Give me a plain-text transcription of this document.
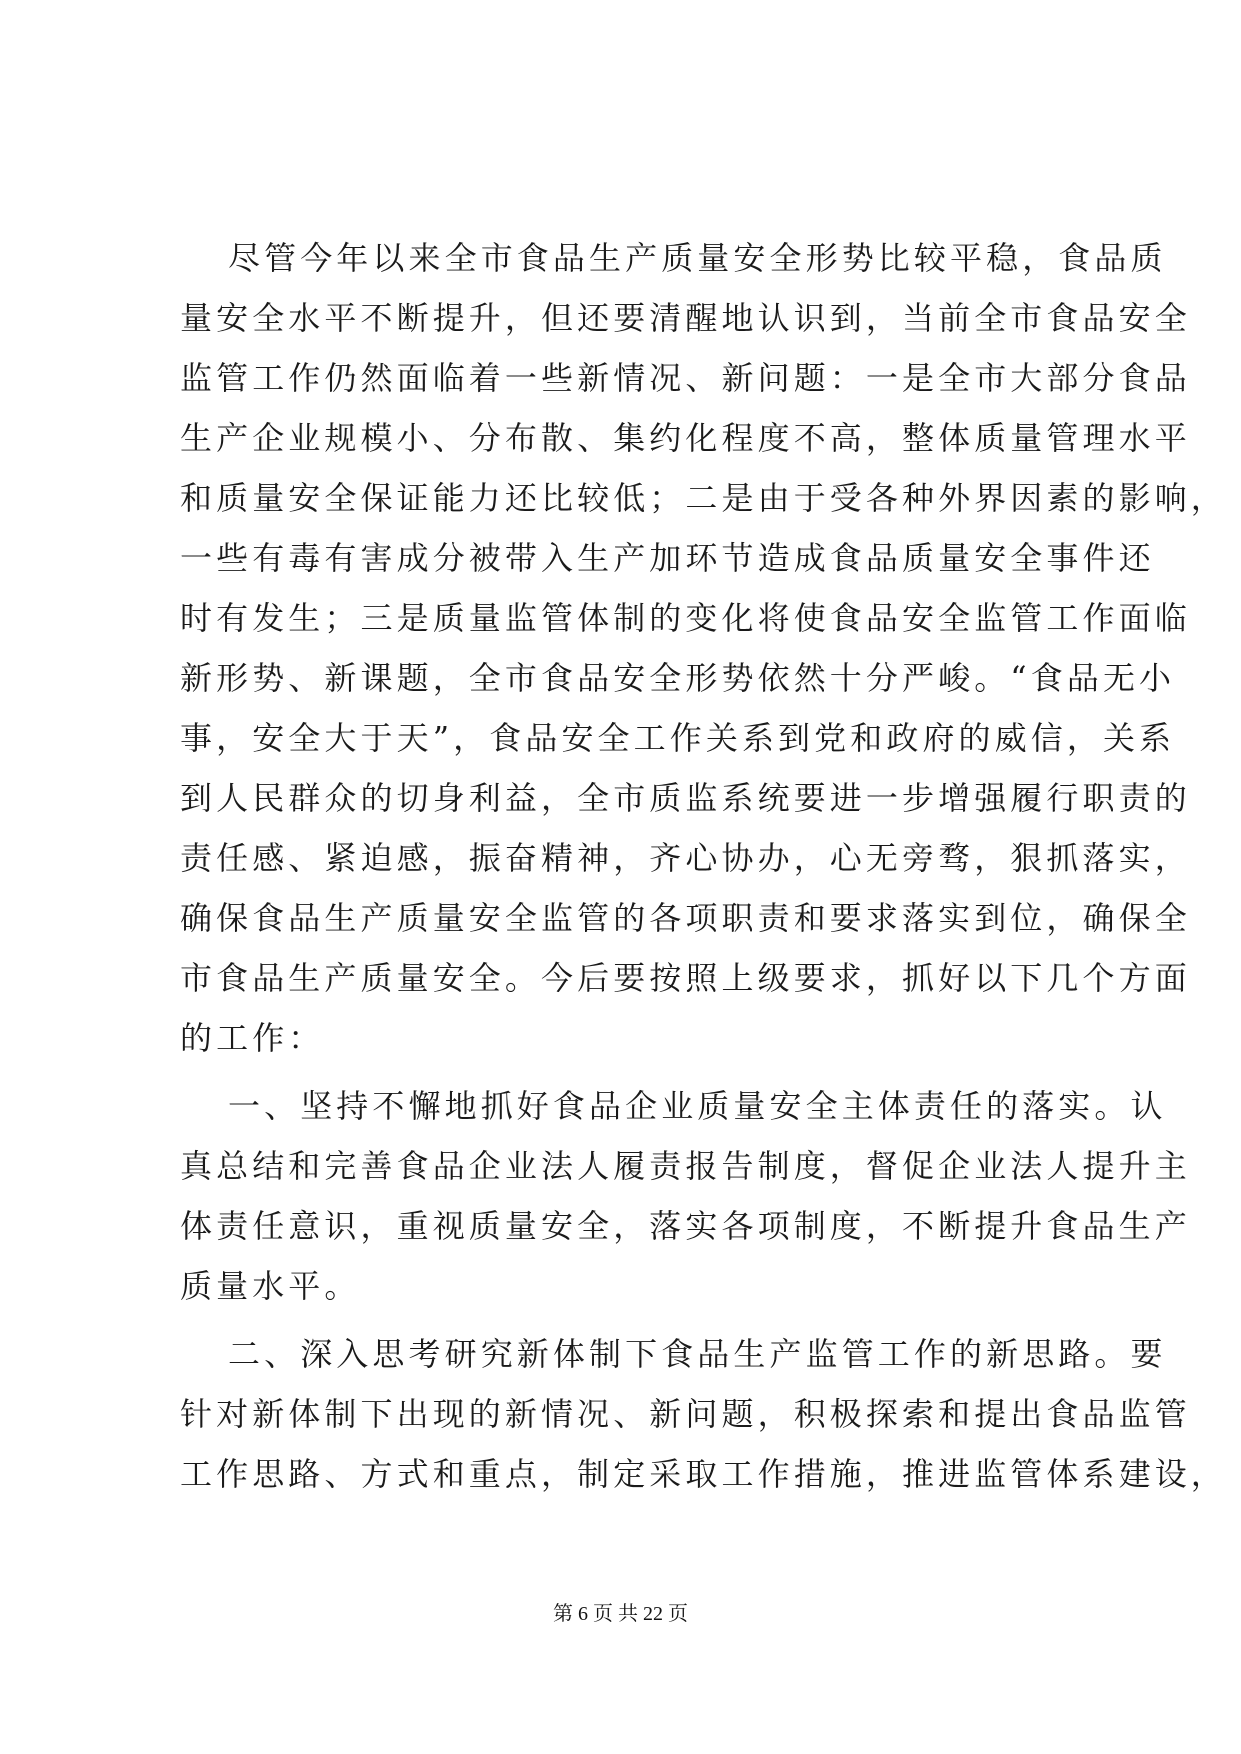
尽管今年以来全市食品生产质量安全形势比较平稳，食品质
量安全水平不断提升，但还要清醒地认识到，当前全市食品安全
监管工作仍然面临着一些新情况、新问题：一是全市大部分食品
生产企业规模小、分布散、集约化程度不高，整体质量管理水平
和质量安全保证能力还比较低；二是由于受各种外界因素的影响，
一些有毒有害成分被带入生产加环节造成食品质量安全事件还
时有发生；三是质量监管体制的变化将使食品安全监管工作面临
新形势、新课题，全市食品安全形势依然十分严峻。“食品无小
事，安全大于天”，食品安全工作关系到党和政府的威信，关系
到人民群众的切身利益，全市质监系统要进一步增强履行职责的
责任感、紧迫感，振奋精神，齐心协办，心无旁骛，狠抓落实，
确保食品生产质量安全监管的各项职责和要求落实到位，确保全
市食品生产质量安全。今后要按照上级要求，抓好以下几个方面
的工作：
一、坚持不懈地抓好食品企业质量安全主体责任的落实。认
真总结和完善食品企业法人履责报告制度，督促企业法人提升主
体责任意识，重视质量安全，落实各项制度，不断提升食品生产
质量水平。
二、深入思考研究新体制下食品生产监管工作的新思路。要
针对新体制下出现的新情况、新问题，积极探索和提出食品监管
工作思路、方式和重点，制定采取工作措施，推进监管体系建设，
第 6 页 共 22 页
